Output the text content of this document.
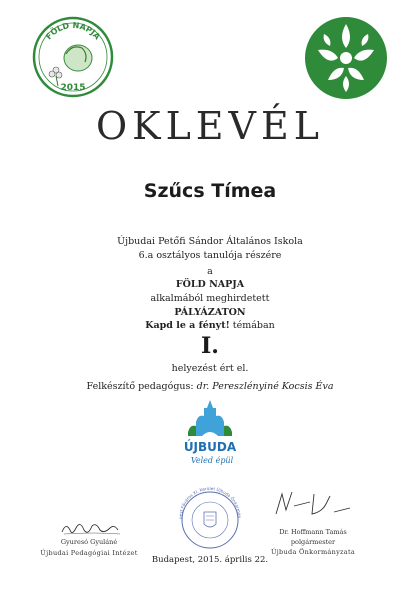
FÖLD NAPJA
2015
OKLEVÉL
Szűcs Tímea
Újbudai Petőfi Sándor Általános Iskola
6.a osztályos tanulója részére
a
FÖLD NAPJA
alkalmából meghirdetett
PÁLYÁZATON
Kapd le a fényt! témában
I.
helyezést ért el.
Felkészítő pedagógus: dr. Pereszlényiné Kocsis Éva
ÚJBUDA
Veled épül
Gyuresó Gyuláné
Újbudai Pedagógiai Intézet
pest Főváros XI. Kerület Újbuda Önkormán
Dr. Hoffmann Tamás
polgármester
Újbuda Önkormányzata
Budapest, 2015. április 22.
